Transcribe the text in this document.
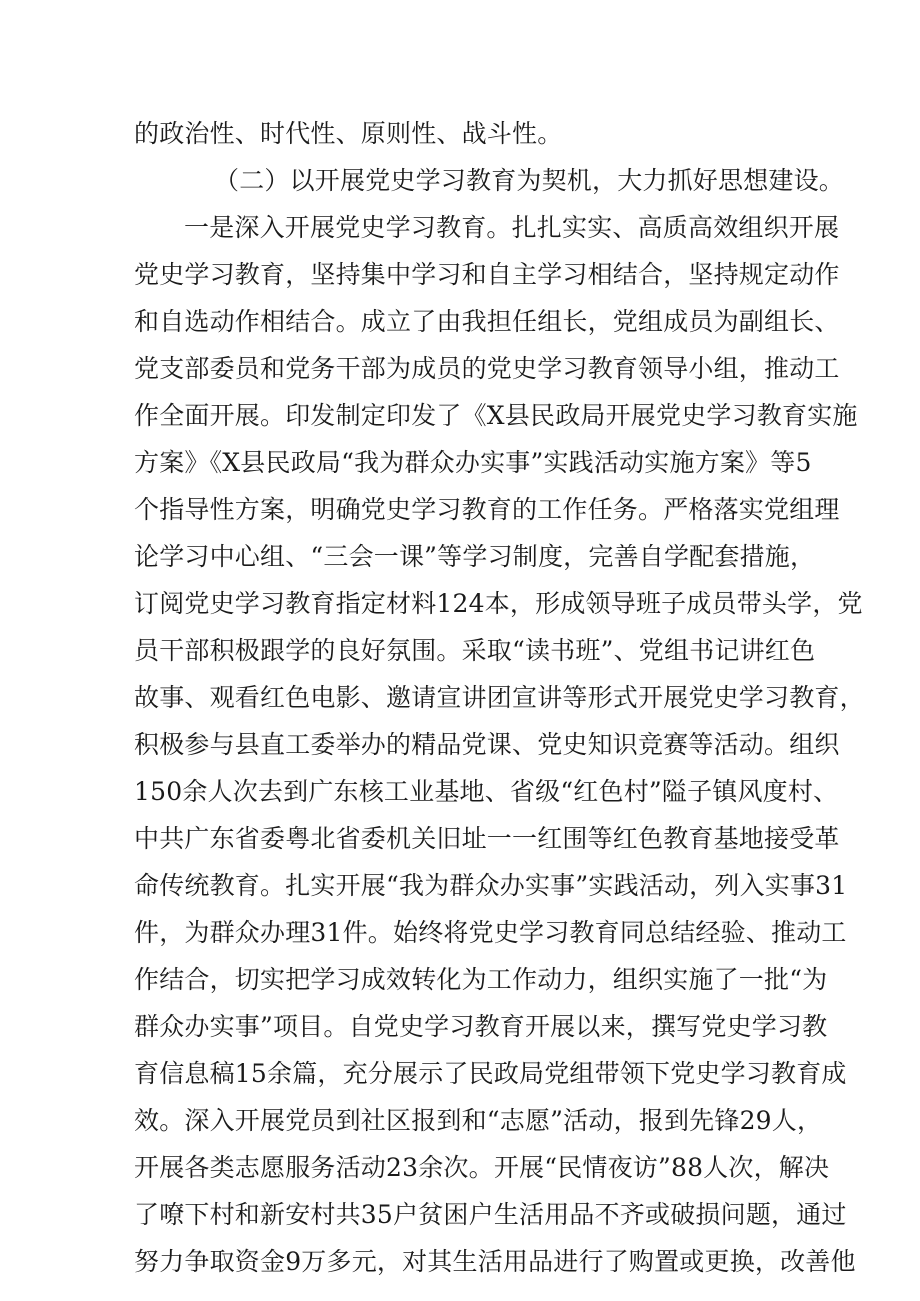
的政治性、时代性、原则性、战斗性。
（二）以开展党史学习教育为契机，大力抓好思想建设。
一是深入开展党史学习教育。扎扎实实、高质高效组织开展
党史学习教育，坚持集中学习和自主学习相结合，坚持规定动作
和自选动作相结合。成立了由我担任组长，党组成员为副组长、
党支部委员和党务干部为成员的党史学习教育领导小组，推动工
作全面开展。印发制定印发了《X县民政局开展党史学习教育实施
方案》《X县民政局“我为群众办实事”实践活动实施方案》等5
个指导性方案，明确党史学习教育的工作任务。严格落实党组理
论学习中心组、“三会一课”等学习制度，完善自学配套措施，
订阅党史学习教育指定材料124本，形成领导班子成员带头学，党
员干部积极跟学的良好氛围。采取“读书班”、党组书记讲红色
故事、观看红色电影、邀请宣讲团宣讲等形式开展党史学习教育，
积极参与县直工委举办的精品党课、党史知识竞赛等活动。组织
150余人次去到广东核工业基地、省级“红色村”隘子镇风度村、
中共广东省委粤北省委机关旧址一一红围等红色教育基地接受革
命传统教育。扎实开展“我为群众办实事”实践活动，列入实事31
件，为群众办理31件。始终将党史学习教育同总结经验、推动工
作结合，切实把学习成效转化为工作动力，组织实施了一批“为
群众办实事”项目。自党史学习教育开展以来，撰写党史学习教
育信息稿15余篇，充分展示了民政局党组带领下党史学习教育成
效。深入开展党员到社区报到和“志愿”活动，报到先锋29人，
开展各类志愿服务活动23余次。开展“民情夜访”88人次，解决
了嘹下村和新安村共35户贫困户生活用品不齐或破损问题，通过
努力争取资金9万多元，对其生活用品进行了购置或更换，改善他
